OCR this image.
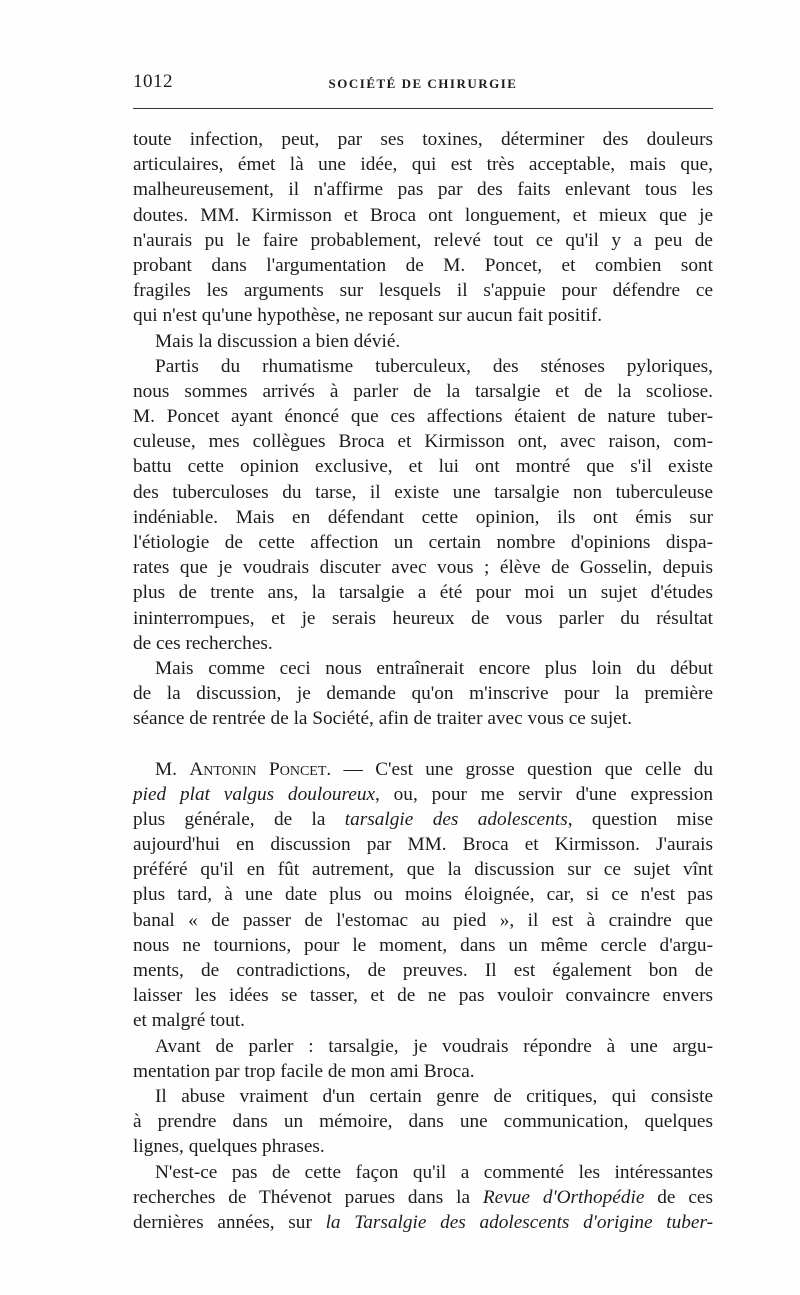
1012	SOCIÉTÉ DE CHIRURGIE
toute infection, peut, par ses toxines, déterminer des douleurs
articulaires, émet là une idée, qui est très acceptable, mais que,
malheureusement, il n'affirme pas par des faits enlevant tous les
doutes. MM. Kirmisson et Broca ont longuement, et mieux que je
n'aurais pu le faire probablement, relevé tout ce qu'il y a peu de
probant dans l'argumentation de M. Poncet, et combien sont
fragiles les arguments sur lesquels il s'appuie pour défendre ce
qui n'est qu'une hypothèse, ne reposant sur aucun fait positif.
Mais la discussion a bien dévié.
Partis du rhumatisme tuberculeux, des sténoses pyloriques,
nous sommes arrivés à parler de la tarsalgie et de la scoliose.
M. Poncet ayant énoncé que ces affections étaient de nature tuber-
culeuse, mes collègues Broca et Kirmisson ont, avec raison, com-
battu cette opinion exclusive, et lui ont montré que s'il existe
des tuberculoses du tarse, il existe une tarsalgie non tuberculeuse
indéniable. Mais en défendant cette opinion, ils ont émis sur
l'étiologie de cette affection un certain nombre d'opinions dispa-
rates que je voudrais discuter avec vous ; élève de Gosselin, depuis
plus de trente ans, la tarsalgie a été pour moi un sujet d'études
ininterrompues, et je serais heureux de vous parler du résultat
de ces recherches.
Mais comme ceci nous entraînerait encore plus loin du début
de la discussion, je demande qu'on m'inscrive pour la première
séance de rentrée de la Société, afin de traiter avec vous ce sujet.
M. Antonin Poncet. — C'est une grosse question que celle du
pied plat valgus douloureux, ou, pour me servir d'une expression
plus générale, de la tarsalgie des adolescents, question mise
aujourd'hui en discussion par MM. Broca et Kirmisson. J'aurais
préféré qu'il en fût autrement, que la discussion sur ce sujet vînt
plus tard, à une date plus ou moins éloignée, car, si ce n'est pas
banal « de passer de l'estomac au pied », il est à craindre que
nous ne tournions, pour le moment, dans un même cercle d'argu-
ments, de contradictions, de preuves. Il est également bon de
laisser les idées se tasser, et de ne pas vouloir convaincre envers
et malgré tout.
Avant de parler : tarsalgie, je voudrais répondre à une argu-
mentation par trop facile de mon ami Broca.
Il abuse vraiment d'un certain genre de critiques, qui consiste
à prendre dans un mémoire, dans une communication, quelques
lignes, quelques phrases.
N'est-ce pas de cette façon qu'il a commenté les intéressantes
recherches de Thévenot parues dans la Revue d'Orthopédie de ces
dernières années, sur la Tarsalgie des adolescents d'origine tuber-
